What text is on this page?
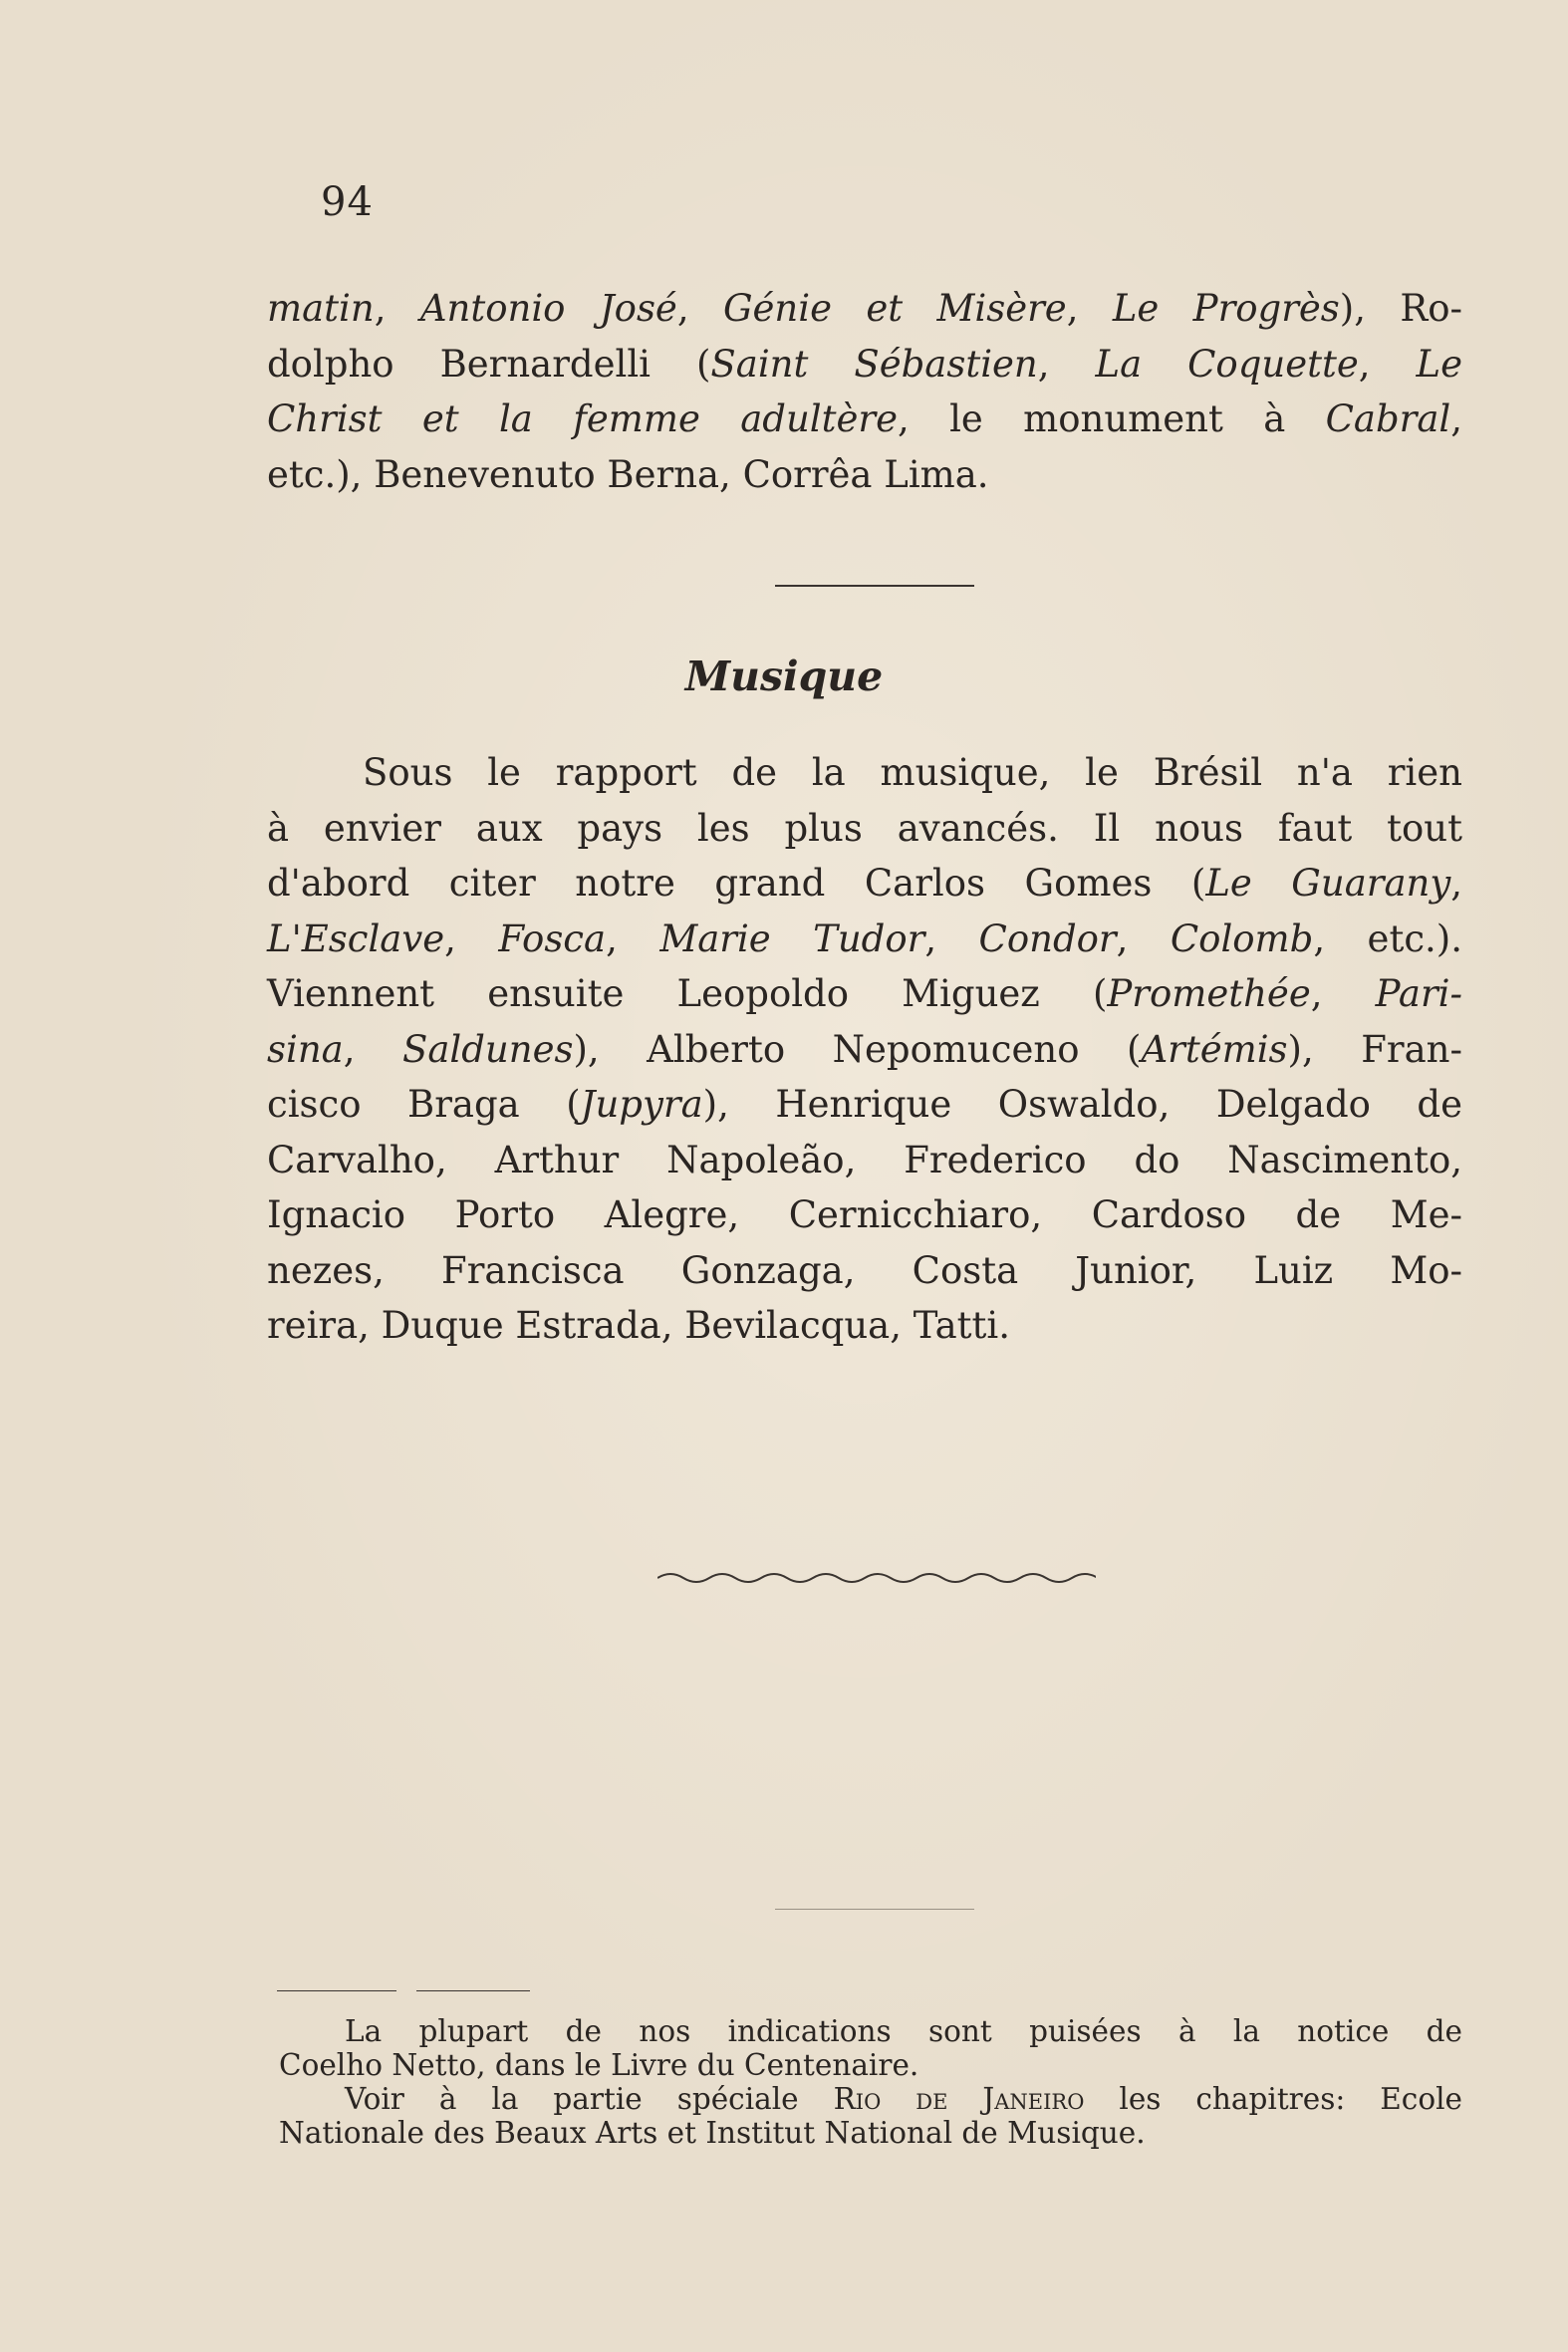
94
matin, Antonio José, Génie et Misère, Le Progrès), Ro-
dolpho Bernardelli (Saint Sébastien, La Coquette, Le
Christ et la femme adultère, le monument à Cabral,
etc.), Benevenuto Berna, Corrêa Lima.
Musique
Sous le rapport de la musique, le Brésil n'a rien
à envier aux pays les plus avancés. Il nous faut tout
d'abord citer notre grand Carlos Gomes (Le Guarany,
L'Esclave, Fosca, Marie Tudor, Condor, Colomb, etc.).
Viennent ensuite Leopoldo Miguez (Promethée, Pari-
sina, Saldunes), Alberto Nepomuceno (Artémis), Fran-
cisco Braga (Jupyra), Henrique Oswaldo, Delgado de
Carvalho, Arthur Napoleão, Frederico do Nascimento,
Ignacio Porto Alegre, Cernicchiaro, Cardoso de Me-
nezes, Francisca Gonzaga, Costa Junior, Luiz Mo-
reira, Duque Estrada, Bevilacqua, Tatti.
La plupart de nos indications sont puisées à la notice de
Coelho Netto, dans le Livre du Centenaire.
Voir à la partie spéciale Rio de Janeiro les chapitres: Ecole
Nationale des Beaux Arts et Institut National de Musique.
